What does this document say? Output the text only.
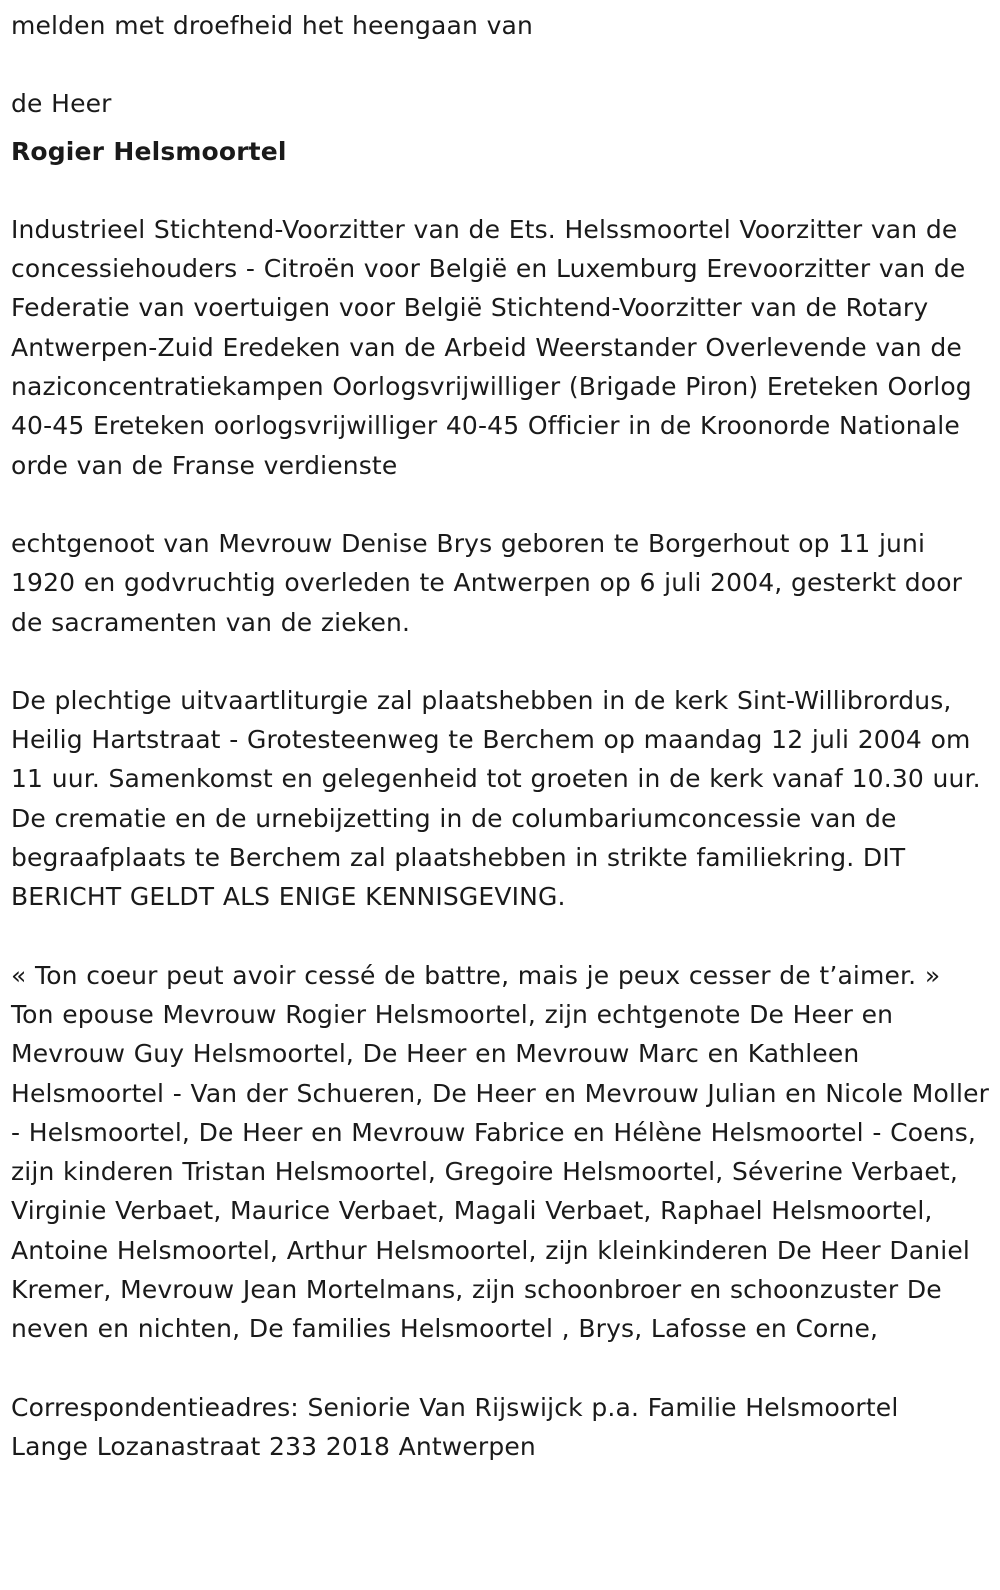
melden met droefheid het heengaan van

de Heer

Rogier Helsmoortel

Industrieel Stichtend-Voorzitter van de Ets. Helssmoortel Voorzitter van de concessiehouders - Citroën voor België en Luxemburg Erevoorzitter van de Federatie van voertuigen voor België Stichtend-Voorzitter van de Rotary Antwerpen-Zuid Eredeken van de Arbeid Weerstander Overlevende van de naziconcentratiekampen Oorlogsvrijwilliger (Brigade Piron) Ereteken Oorlog 40-45 Ereteken oorlogsvrijwilliger 40-45 Officier in de Kroonorde Nationale orde van de Franse verdienste

echtgenoot van Mevrouw Denise Brys geboren te Borgerhout op 11 juni 1920 en godvruchtig overleden te Antwerpen op 6 juli 2004, gesterkt door de sacramenten van de zieken.

De plechtige uitvaartliturgie zal plaatshebben in de kerk Sint-Willibrordus, Heilig Hartstraat - Grotesteenweg te Berchem op maandag 12 juli 2004 om 11 uur. Samenkomst en gelegenheid tot groeten in de kerk vanaf 10.30 uur. De crematie en de urnebijzetting in de columbariumconcessie van de begraafplaats te Berchem zal plaatshebben in strikte familiekring. DIT BERICHT GELDT ALS ENIGE KENNISGEVING.

« Ton coeur peut avoir cessé de battre, mais je peux cesser de t’aimer. »

Ton epouse Mevrouw Rogier Helsmoortel, zijn echtgenote De Heer en Mevrouw Guy Helsmoortel, De Heer en Mevrouw Marc en Kathleen Helsmoortel - Van der Schueren, De Heer en Mevrouw Julian en Nicole Moller - Helsmoortel, De Heer en Mevrouw Fabrice en Hélène Helsmoortel - Coens, zijn kinderen Tristan Helsmoortel, Gregoire Helsmoortel, Séverine Verbaet, Virginie Verbaet, Maurice Verbaet, Magali Verbaet, Raphael Helsmoortel, Antoine Helsmoortel, Arthur Helsmoortel, zijn kleinkinderen De Heer Daniel Kremer, Mevrouw Jean Mortelmans, zijn schoonbroer en schoonzuster De neven en nichten, De families Helsmoortel , Brys, Lafosse en Corne,

Correspondentieadres: Seniorie Van Rijswijck p.a. Familie Helsmoortel

Lange Lozanastraat 233 2018 Antwerpen
